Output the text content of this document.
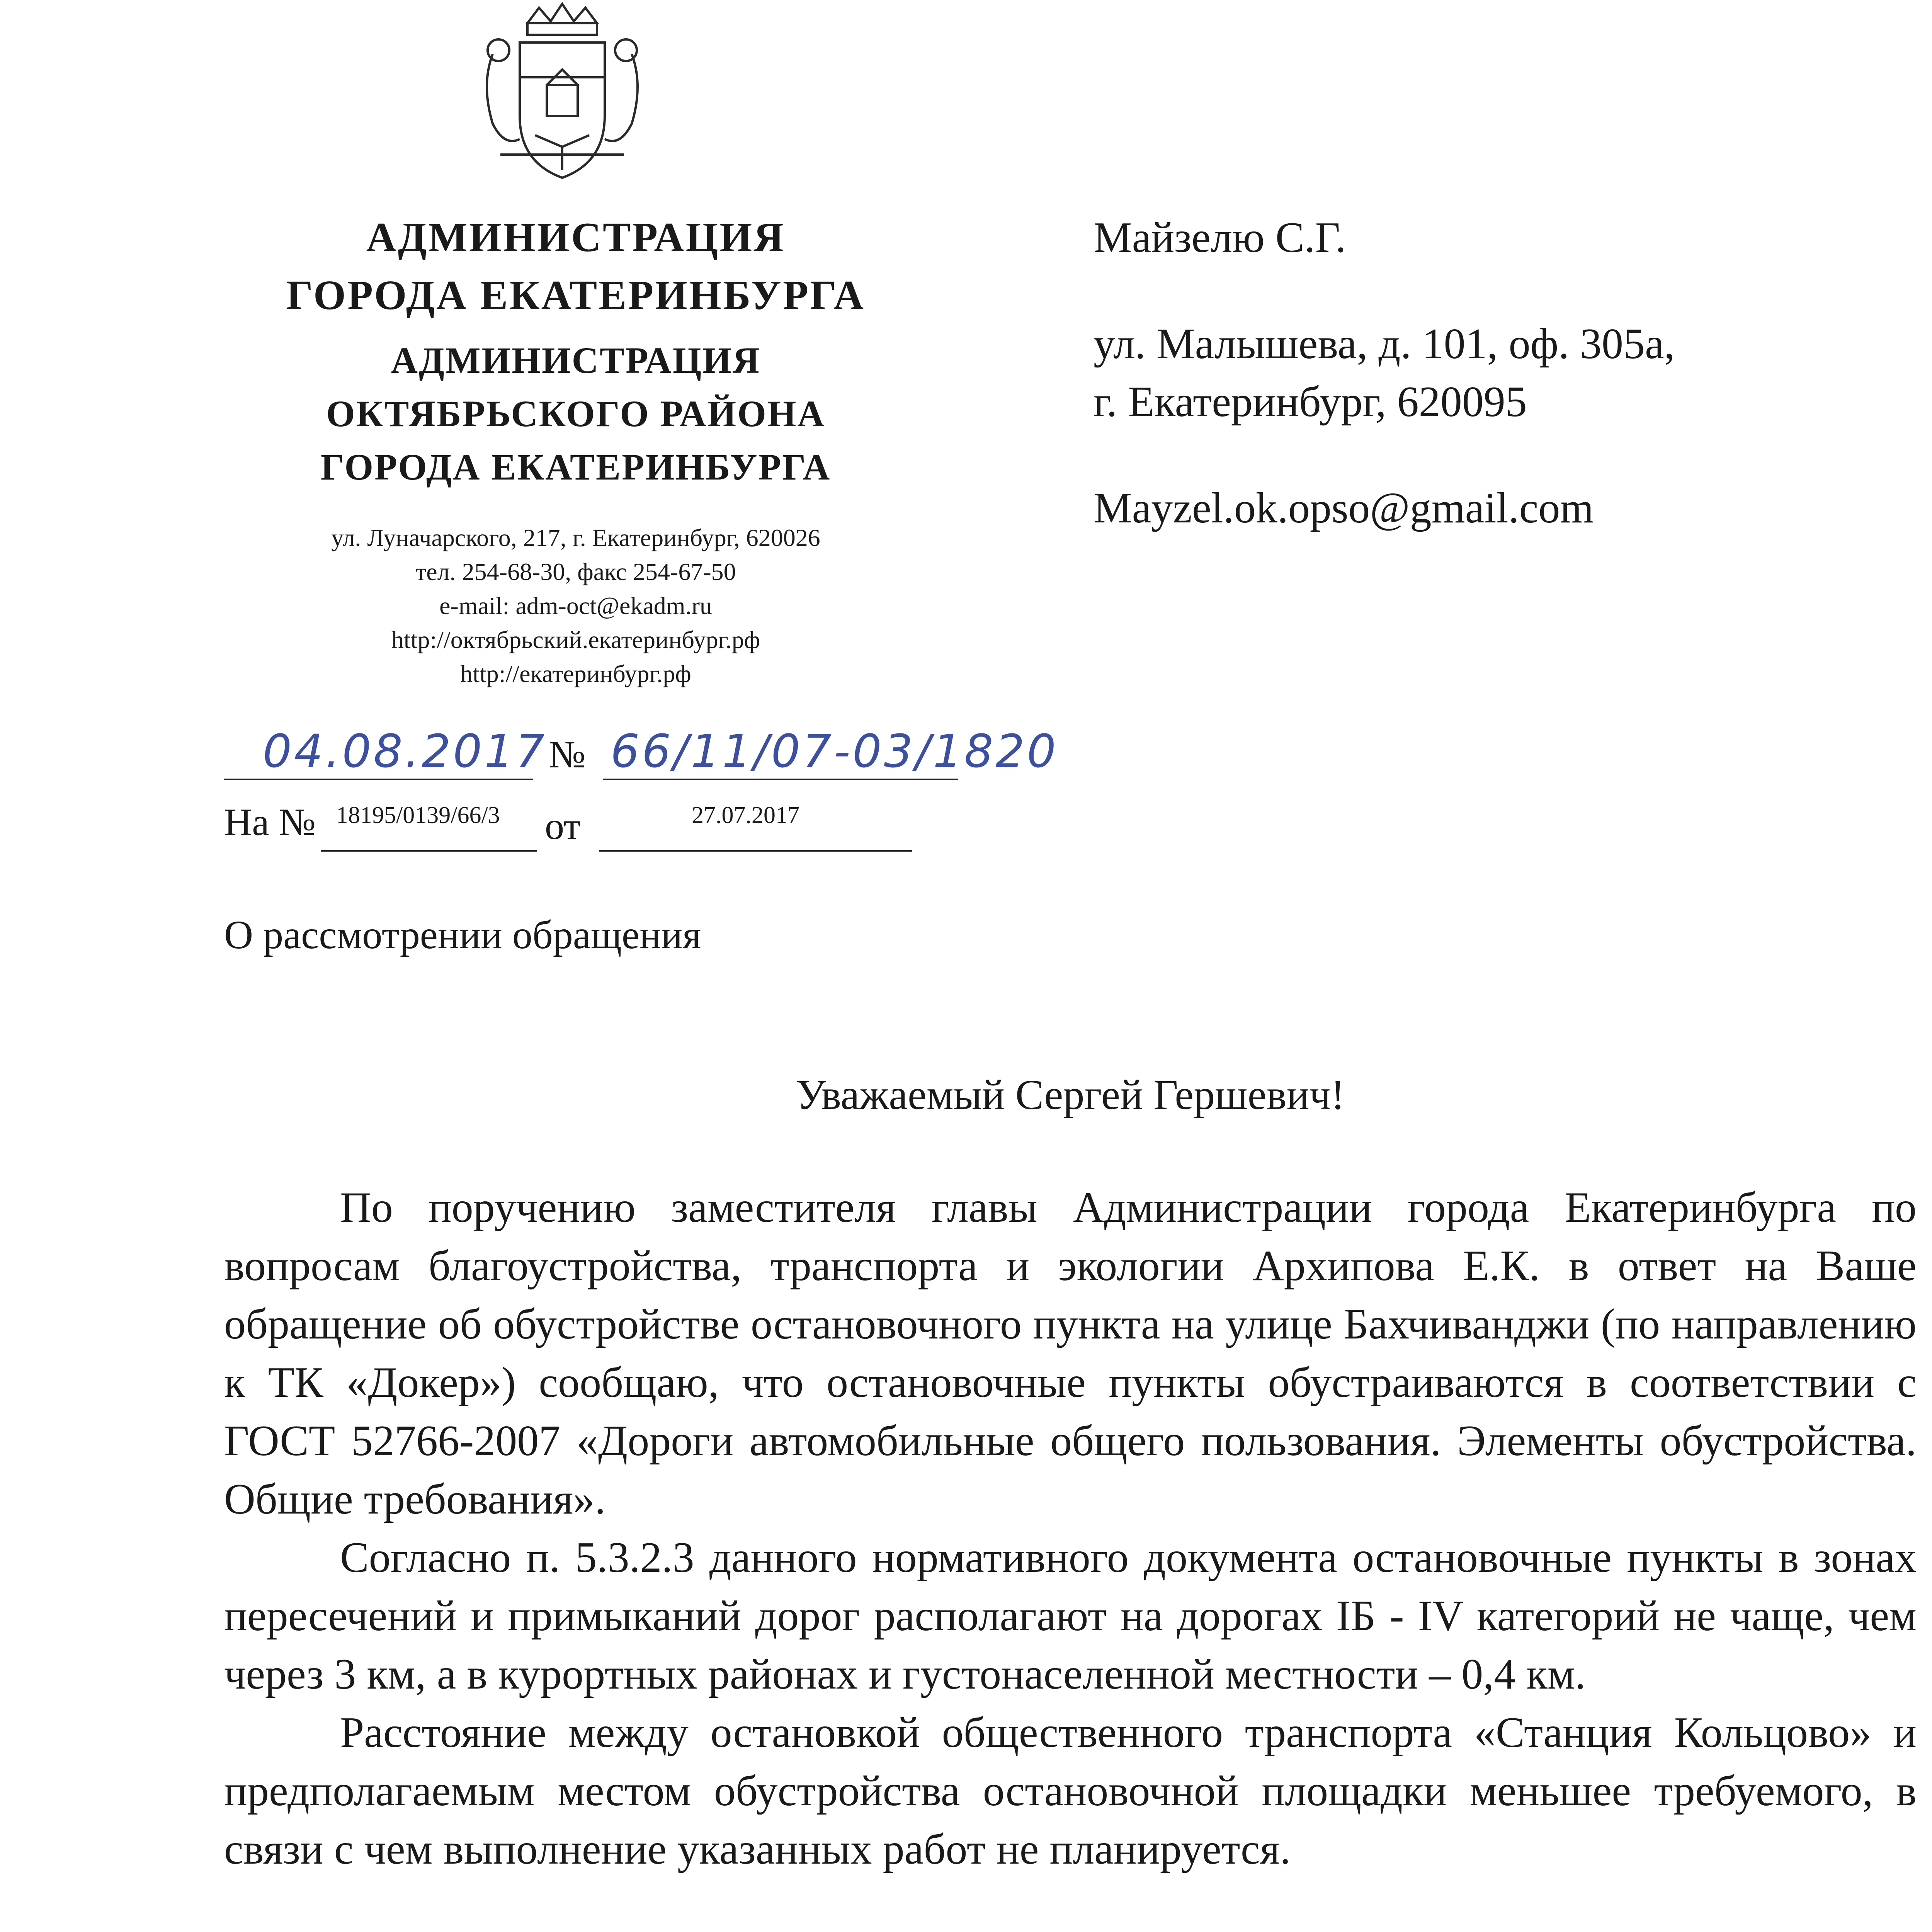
АДМИНИСТРАЦИЯ
ГОРОДА ЕКАТЕРИНБУРГА
АДМИНИСТРАЦИЯ
ОКТЯБРЬСКОГО РАЙОНА
ГОРОДА ЕКАТЕРИНБУРГА
ул. Луначарского, 217, г. Екатеринбург, 620026
тел. 254-68-30, факс 254-67-50
e-mail: adm-oct@ekadm.ru
http://октябрьский.екатеринбург.рф
http://екатеринбург.рф
Майзелю С.Г.
ул. Малышева, д. 101, оф. 305а,
г. Екатеринбург, 620095
Mayzel.ok.opso@gmail.com
04.08.2017 № 66/11/07-03/1820
На № 18195/0139/66/3 от	27.07.2017
О рассмотрении обращения
Уважаемый Сергей Гершевич!

По поручению заместителя главы Администрации города Екатеринбурга по вопросам благоустройства, транспорта и экологии Архипова Е.К. в ответ на Ваше обращение об обустройстве остановочного пункта на улице Бахчиванджи (по направлению к ТК «Докер») сообщаю, что остановочные пункты обустраиваются в соответствии с ГОСТ 52766-2007 «Дороги автомобильные общего пользования. Элементы обустройства. Общие требования».

Согласно п. 5.3.2.3 данного нормативного документа остановочные пункты в зонах пересечений и примыканий дорог располагают на дорогах IБ - IV категорий не чаще, чем через 3 км, а в курортных районах и густонаселенной местности – 0,4 км.

Расстояние между остановкой общественного транспорта «Станция Кольцово» и предполагаемым местом обустройства остановочной площадки меньшее требуемого, в связи с чем выполнение указанных работ не планируется.
